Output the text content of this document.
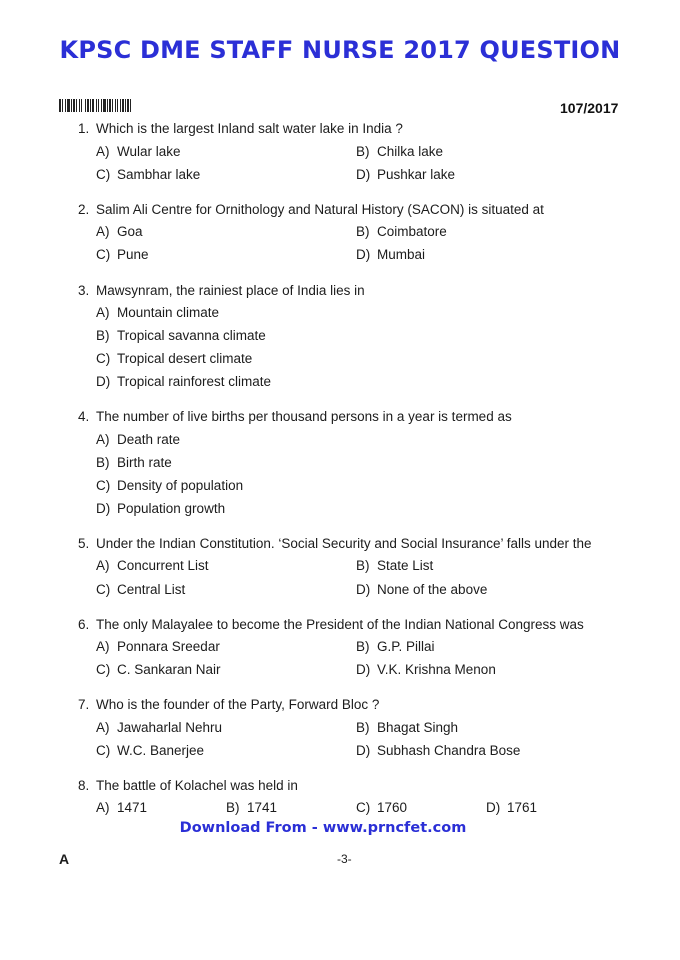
KPSC DME STAFF NURSE 2017 QUESTION
107/2017
1. Which is the largest Inland salt water lake in India ?
A) Wular lake	B) Chilka lake
C) Sambhar lake	D) Pushkar lake
2. Salim Ali Centre for Ornithology and Natural History (SACON) is situated at
A) Goa	B) Coimbatore
C) Pune	D) Mumbai
3. Mawsynram, the rainiest place of India lies in
A) Mountain climate
B) Tropical savanna climate
C) Tropical desert climate
D) Tropical rainforest climate
4. The number of live births per thousand persons in a year is termed as
A) Death rate
B) Birth rate
C) Density of population
D) Population growth
5. Under the Indian Constitution. ‘Social Security and Social Insurance’ falls under the
A) Concurrent List	B) State List
C) Central List	D) None of the above
6. The only Malayalee to become the President of the Indian National Congress was
A) Ponnara Sreedar	B) G.P. Pillai
C) C. Sankaran Nair	D) V.K. Krishna Menon
7. Who is the founder of the Party, Forward Bloc ?
A) Jawaharlal Nehru	B) Bhagat Singh
C) W.C. Banerjee	D) Subhash Chandra Bose
8. The battle of Kolachel was held in
A) 1471	B) 1741	C) 1760	D) 1761
Download From - www.prncfet.com
A	-3-
